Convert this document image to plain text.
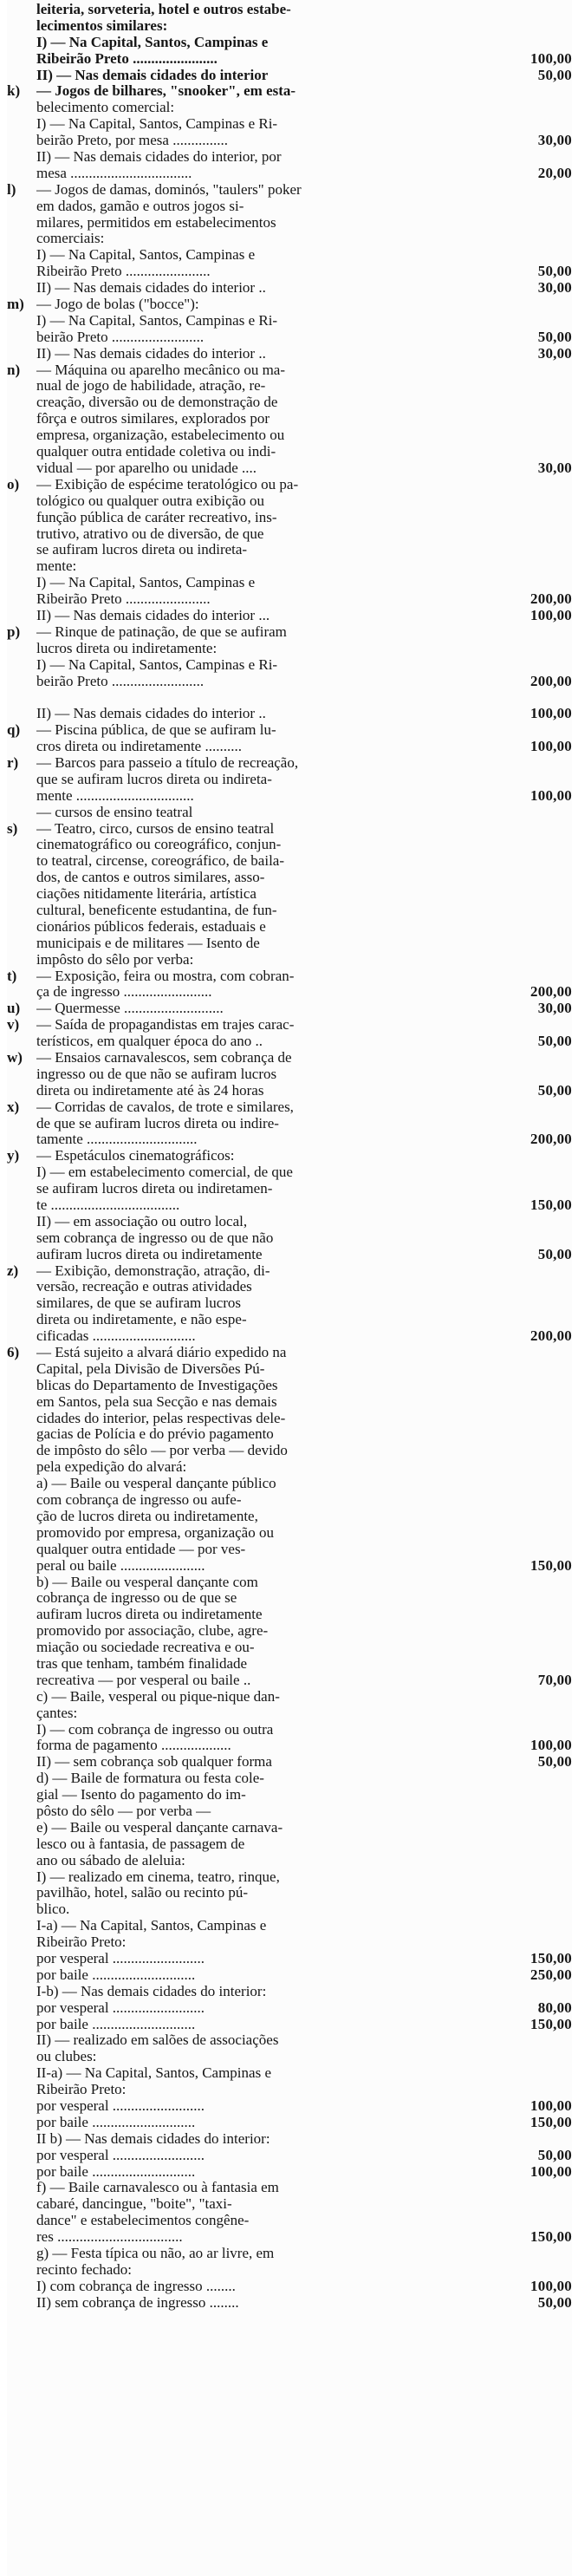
leiteria, sorveteria, hotel e outros estabe-
lecimentos similares:
I) — Na Capital, Santos, Campinas e
Ribeirão Preto .......................	100,00
II) — Nas demais cidades do interior	50,00
k)	— Jogos de bilhares, "snooker", em esta-
belecimento comercial:
I) — Na Capital, Santos, Campinas e Ri-
beirão Preto, por mesa ...............	30,00
II) — Nas demais cidades do interior, por
mesa .................................	20,00
l)	— Jogos de damas, dominós, "taulers" poker
em dados, gamão e outros jogos si-
milares, permitidos em estabelecimentos
comerciais:
I) — Na Capital, Santos, Campinas e
Ribeirão Preto .......................	50,00
II) — Nas demais cidades do interior ..	30,00
m) — Jogo de bolas ("bocce"):
I) — Na Capital, Santos, Campinas e Ri-
beirão Preto .........................	50,00
II) — Nas demais cidades do interior ..	30,00
n)	— Máquina ou aparelho mecânico ou ma-
nual de jogo de habilidade, atração, re-
creação, diversão ou de demonstração de
fôrça e outros similares, explorados por
empresa, organização, estabelecimento ou
qualquer outra entidade coletiva ou indi-
vidual — por aparelho ou unidade ....	30,00
o)	— Exibição de espécime teratológico ou pa-
tológico ou qualquer outra exibição ou
função pública de caráter recreativo, ins-
trutivo, atrativo ou de diversão, de que
se aufiram lucros direta ou indireta-
mente:
I) — Na Capital, Santos, Campinas e
Ribeirão Preto .......................	200,00
II) — Nas demais cidades do interior ...	100,00
p)	— Rinque de patinação, de que se aufiram
lucros direta ou indiretamente:
I) — Na Capital, Santos, Campinas e Ri-
beirão Preto .........................	200,00
II) — Nas demais cidades do interior ..	100,00
q)	— Piscina pública, de que se aufiram lu-
cros direta ou indiretamente ..........	100,00
r)	— Barcos para passeio a título de recreação,
que se aufiram lucros direta ou indireta-
mente ................................	100,00
— cursos de ensino teatral
s)	— Teatro, circo, cursos de ensino teatral
cinematográfico ou coreográfico, conjun-
to teatral, circense, coreográfico, de baila-
dos, de cantos e outros similares, asso-
ciações nitidamente literária, artística
cultural, beneficente estudantina, de fun-
cionários públicos federais, estaduais e
municipais e de militares — Isento de
impôsto do sêlo por verba:
t)	— Exposição, feira ou mostra, com cobran-
ça de ingresso ........................	200,00
u)	— Quermesse ...........................	30,00
v)	— Saída de propagandistas em trajes carac-
terísticos, em qualquer época do ano ..	50,00
w) — Ensaios carnavalescos, sem cobrança de
ingresso ou de que não se aufiram lucros
direta ou indiretamente até às 24 horas	50,00
x)	— Corridas de cavalos, de trote e similares,
de que se aufiram lucros direta ou indire-
tamente ..............................	200,00
y)	— Espetáculos cinematográficos:
I) — em estabelecimento comercial, de que
se aufiram lucros direta ou indiretamen-
te ...................................	150,00
II) — em associação ou outro local,
sem cobrança de ingresso ou de que não
aufiram lucros direta ou indiretamente	50,00
z)	— Exibição, demonstração, atração, di-
versão, recreação e outras atividades
similares, de que se aufiram lucros
direta ou indiretamente, e não espe-
cificadas ............................	200,00
6)	— Está sujeito a alvará diário expedido na
Capital, pela Divisão de Diversões Pú-
blicas do Departamento de Investigações
em Santos, pela sua Secção e nas demais
cidades do interior, pelas respectivas dele-
gacias de Polícia e do prévio pagamento
de impôsto do sêlo — por verba — devido
pela expedição do alvará:
a) — Baile ou vesperal dançante público
com cobrança de ingresso ou aufe-
ção de lucros direta ou indiretamente,
promovido por empresa, organização ou
qualquer outra entidade — por ves-
peral ou baile .......................	150,00
b) — Baile ou vesperal dançante com
cobrança de ingresso ou de que se
aufiram lucros direta ou indiretamente
promovido por associação, clube, agre-
miação ou sociedade recreativa e ou-
tras que tenham, também finalidade
recreativa — por vesperal ou baile ..	70,00
c) — Baile, vesperal ou pique-nique dan-
çantes:
I) — com cobrança de ingresso ou outra
forma de pagamento ...................	100,00
II) — sem cobrança sob qualquer forma	50,00
d) — Baile de formatura ou festa cole-
gial — Isento do pagamento do im-
pôsto do sêlo — por verba —
e) — Baile ou vesperal dançante carnava-
lesco ou à fantasia, de passagem de
ano ou sábado de aleluia:
I) — realizado em cinema, teatro, rinque,
pavilhão, hotel, salão ou recinto pú-
blico.
I-a) — Na Capital, Santos, Campinas e
Ribeirão Preto:
por vesperal .........................	150,00
por baile ............................	250,00
I-b) — Nas demais cidades do interior:
por vesperal .........................	80,00
por baile ............................	150,00
II) — realizado em salões de associações
ou clubes:
II-a) — Na Capital, Santos, Campinas e
Ribeirão Preto:
por vesperal .........................	100,00
por baile ............................	150,00
II b) — Nas demais cidades do interior:
por vesperal .........................	50,00
por baile ............................	100,00
f) — Baile carnavalesco ou à fantasia em
cabaré, dancingue, "boite", "taxi-
dance" e estabelecimentos congêne-
res ..................................	150,00
g) — Festa típica ou não, ao ar livre, em
recinto fechado:
I) com cobrança de ingresso ........	100,00
II) sem cobrança de ingresso ........	50,00
